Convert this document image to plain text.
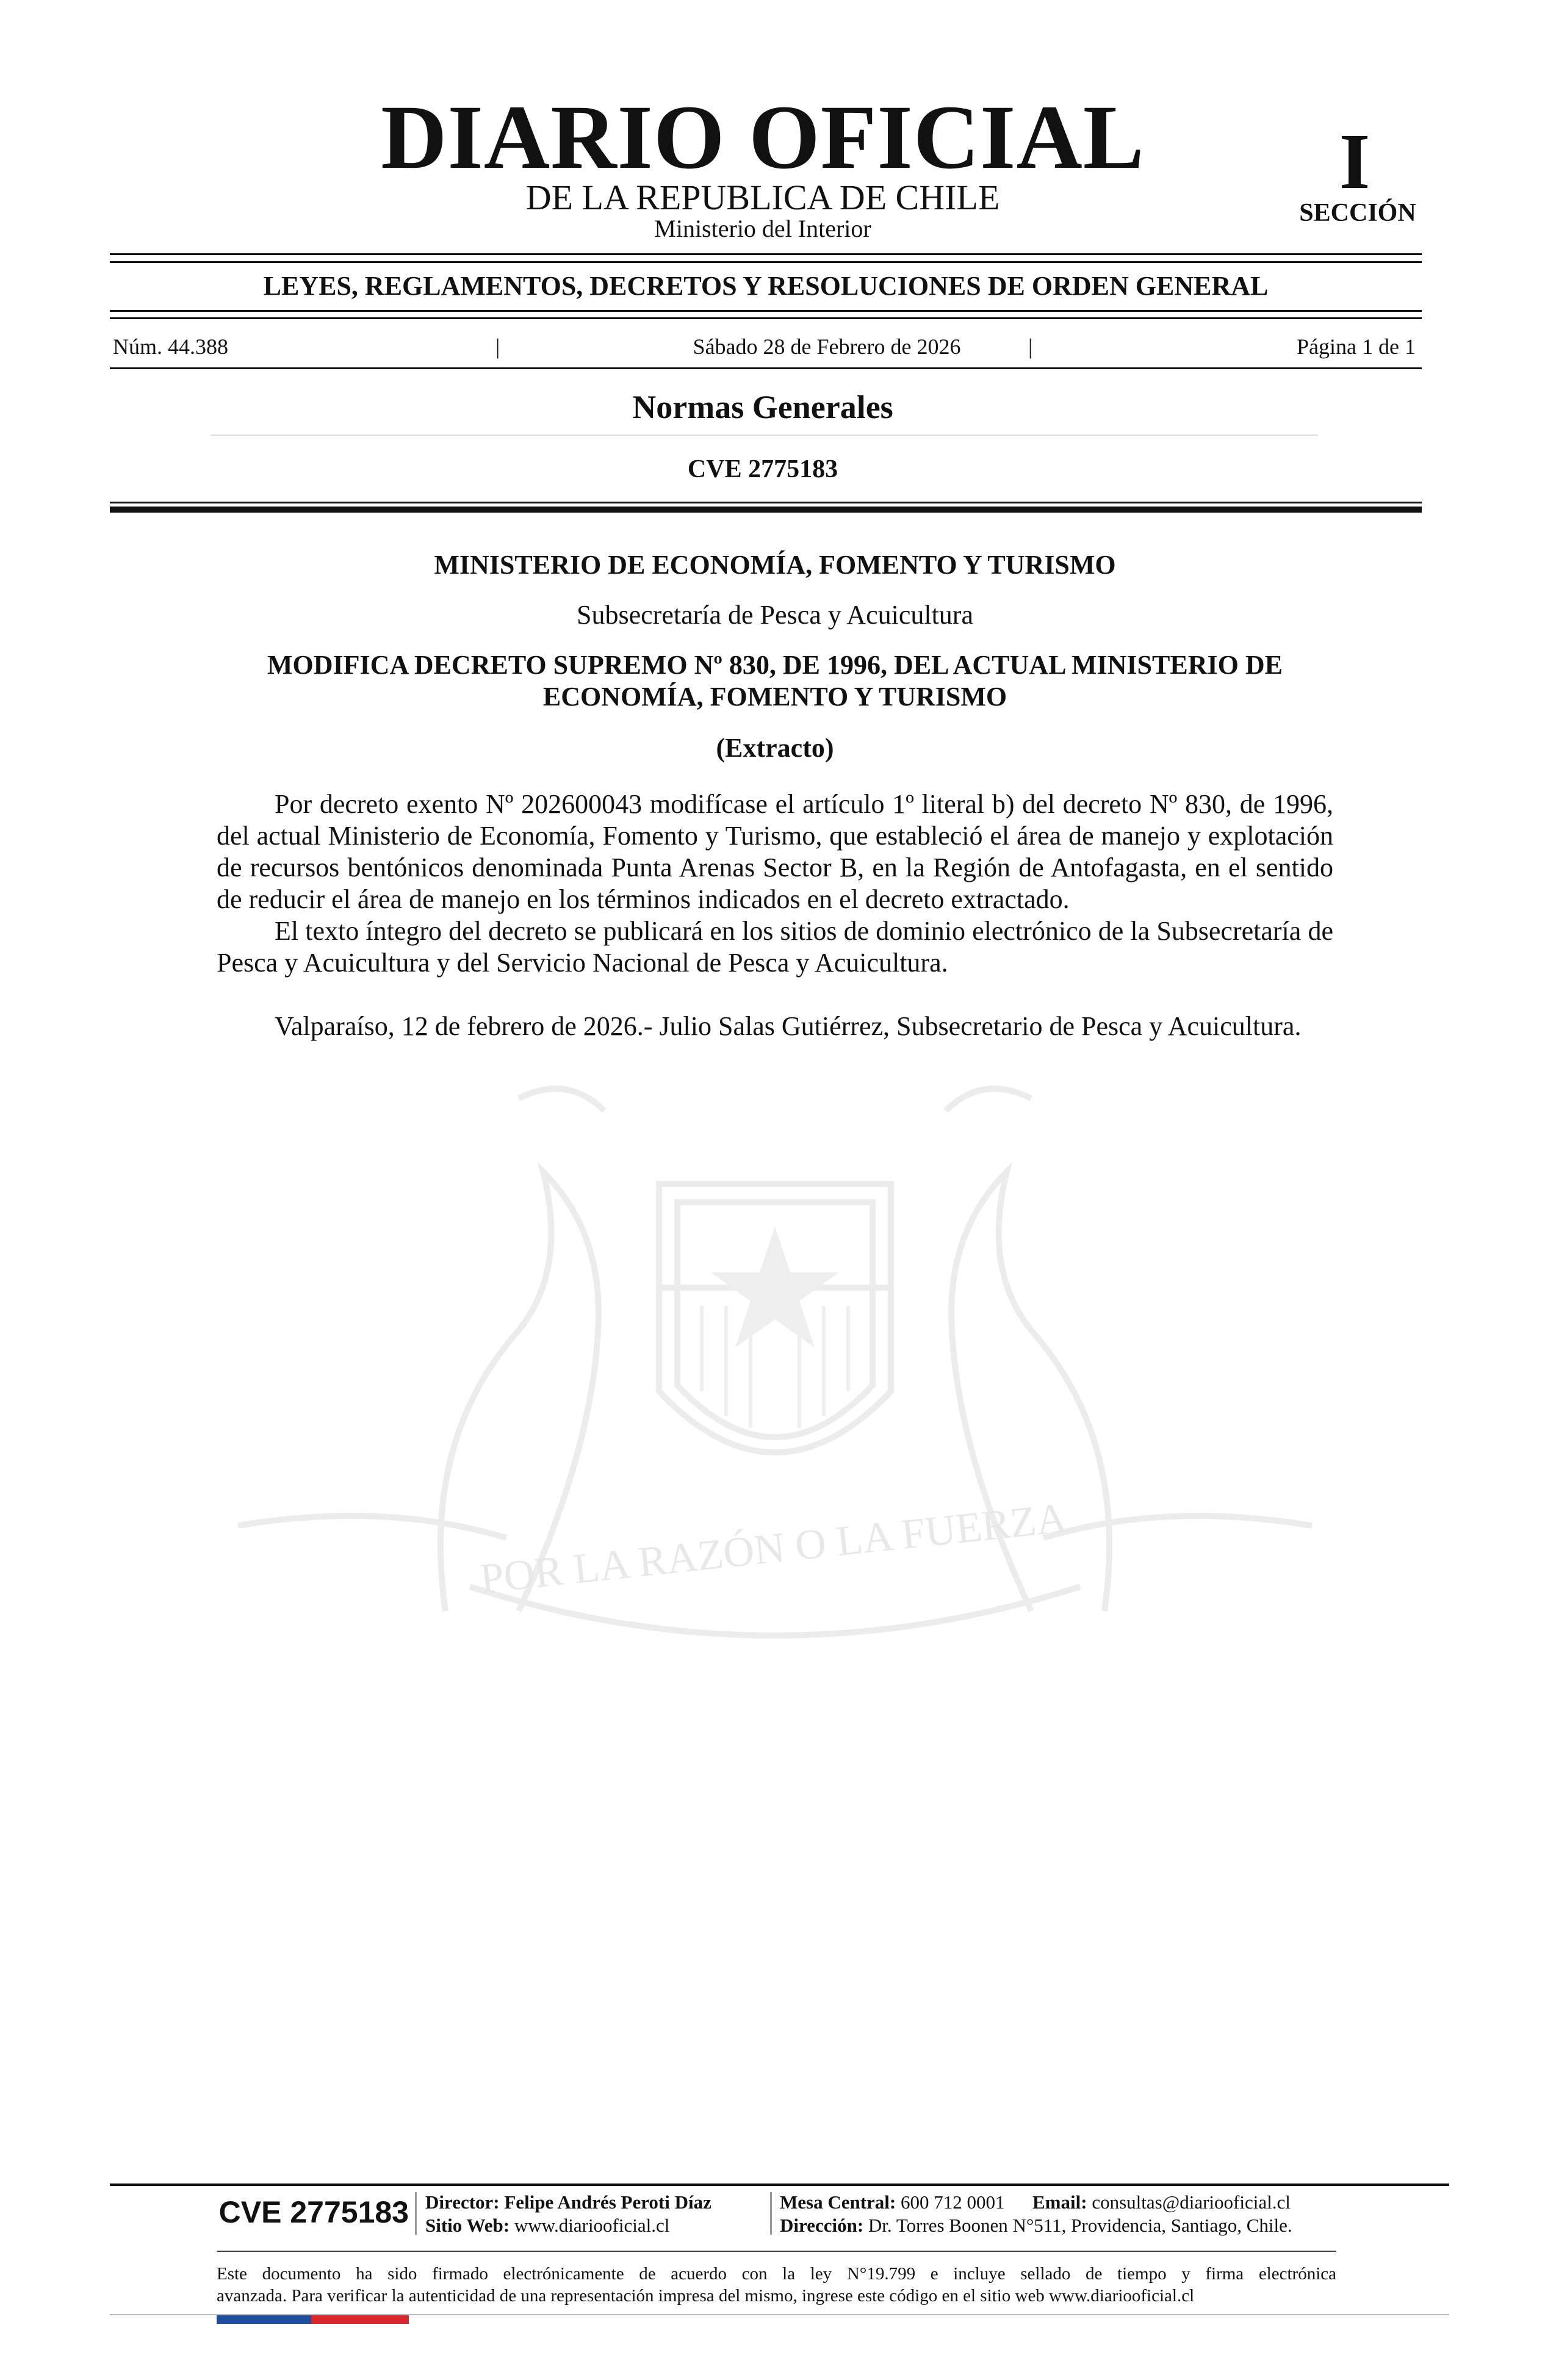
DIARIO OFICIAL
DE LA REPUBLICA DE CHILE
Ministerio del Interior
I
SECCIÓN
LEYES, REGLAMENTOS, DECRETOS Y RESOLUCIONES DE ORDEN GENERAL
Núm. 44.388	|	Sábado 28 de Febrero de 2026	|	Página 1 de 1
Normas Generales
CVE 2775183
POR LA RAZÓN O LA FUERZA
MINISTERIO DE ECONOMÍA, FOMENTO Y TURISMO
Subsecretaría de Pesca y Acuicultura
MODIFICA DECRETO SUPREMO Nº 830, DE 1996, DEL ACTUAL MINISTERIO DE ECONOMÍA, FOMENTO Y TURISMO
(Extracto)

Por decreto exento Nº 202600043 modifícase el artículo 1º literal b) del decreto Nº 830, de 1996, del actual Ministerio de Economía, Fomento y Turismo, que estableció el área de manejo y explotación de recursos bentónicos denominada Punta Arenas Sector B, en la Región de Antofagasta, en el sentido de reducir el área de manejo en los términos indicados en el decreto extractado.

El texto íntegro del decreto se publicará en los sitios de dominio electrónico de la Subsecretaría de Pesca y Acuicultura y del Servicio Nacional de Pesca y Acuicultura.

Valparaíso, 12 de febrero de 2026.- Julio Salas Gutiérrez, Subsecretario de Pesca y Acuicultura.

CVE 2775183 Director: Felipe Andrés Peroti Díaz
Sitio Web: www.diariooficial.cl
Mesa Central: 600 712 0001 Email: consultas@diariooficial.cl
Dirección: Dr. Torres Boonen N°511, Providencia, Santiago, Chile.
Este documento ha sido firmado electrónicamente de acuerdo con la ley N°19.799 e incluye sellado de tiempo y firma electrónica
avanzada. Para verificar la autenticidad de una representación impresa del mismo, ingrese este código en el sitio web www.diariooficial.cl
